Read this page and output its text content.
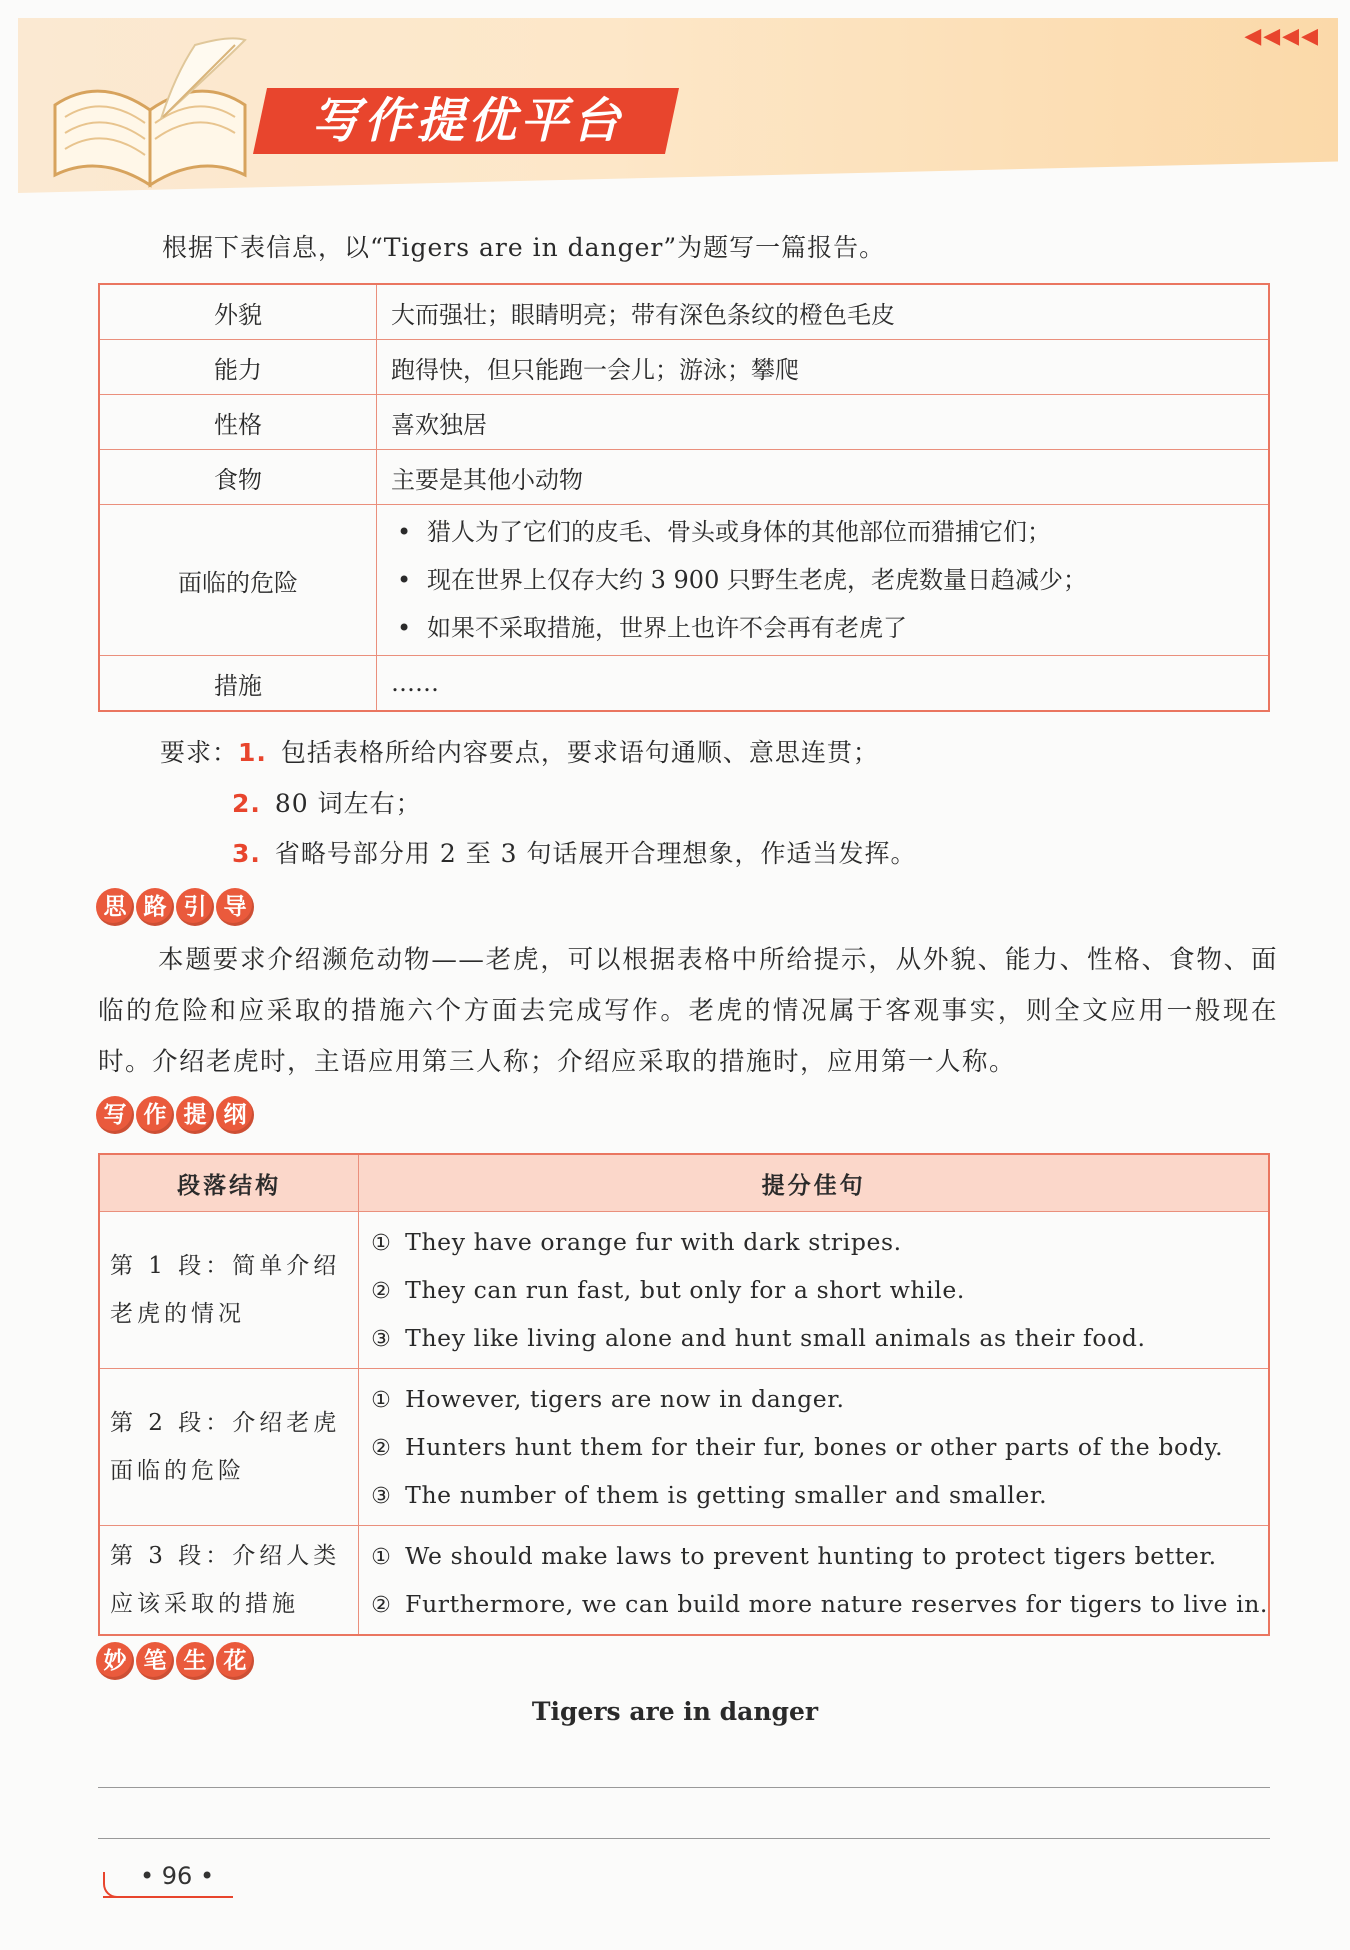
写作提优平台
◀◀◀◀
根据下表信息，以“Tigers are in danger”为题写一篇报告。
外貌	大而强壮；眼睛明亮；带有深色条纹的橙色毛皮
能力	跑得快，但只能跑一会儿；游泳；攀爬
性格	喜欢独居
食物	主要是其他小动物
面临的危险	• 猎人为了它们的皮毛、骨头或身体的其他部位而猎捕它们；
• 现在世界上仅存大约 3 900 只野生老虎，老虎数量日趋减少；
• 如果不采取措施，世界上也许不会再有老虎了

措施	……
要求：1. 包括表格所给内容要点，要求语句通顺、意思连贯；
2. 80 词左右；
3. 省略号部分用 2 至 3 句话展开合理想象，作适当发挥。
思 路 引 导
本题要求介绍濒危动物——老虎，可以根据表格中所给提示，从外貌、能力、性格、食物、面临的危险和应采取的措施六个方面去完成写作。老虎的情况属于客观事实，则全文应用一般现在时。介绍老虎时，主语应用第三人称；介绍应采取的措施时，应用第一人称。
写 作 提 纲
段落结构	提分佳句
第 1 段：简单介绍老虎的情况	① They have orange fur with dark stripes.
② They can run fast, but only for a short while.
③ They like living alone and hunt small animals as their food.

第 2 段：介绍老虎面临的危险	① However, tigers are now in danger.
② Hunters hunt them for their fur, bones or other parts of the body.
③ The number of them is getting smaller and smaller.

第 3 段：介绍人类应该采取的措施	① We should make laws to prevent hunting to protect tigers better.
② Furthermore, we can build more nature reserves for tigers to live in.
妙 笔 生 花
Tigers are in danger
• 96 •
